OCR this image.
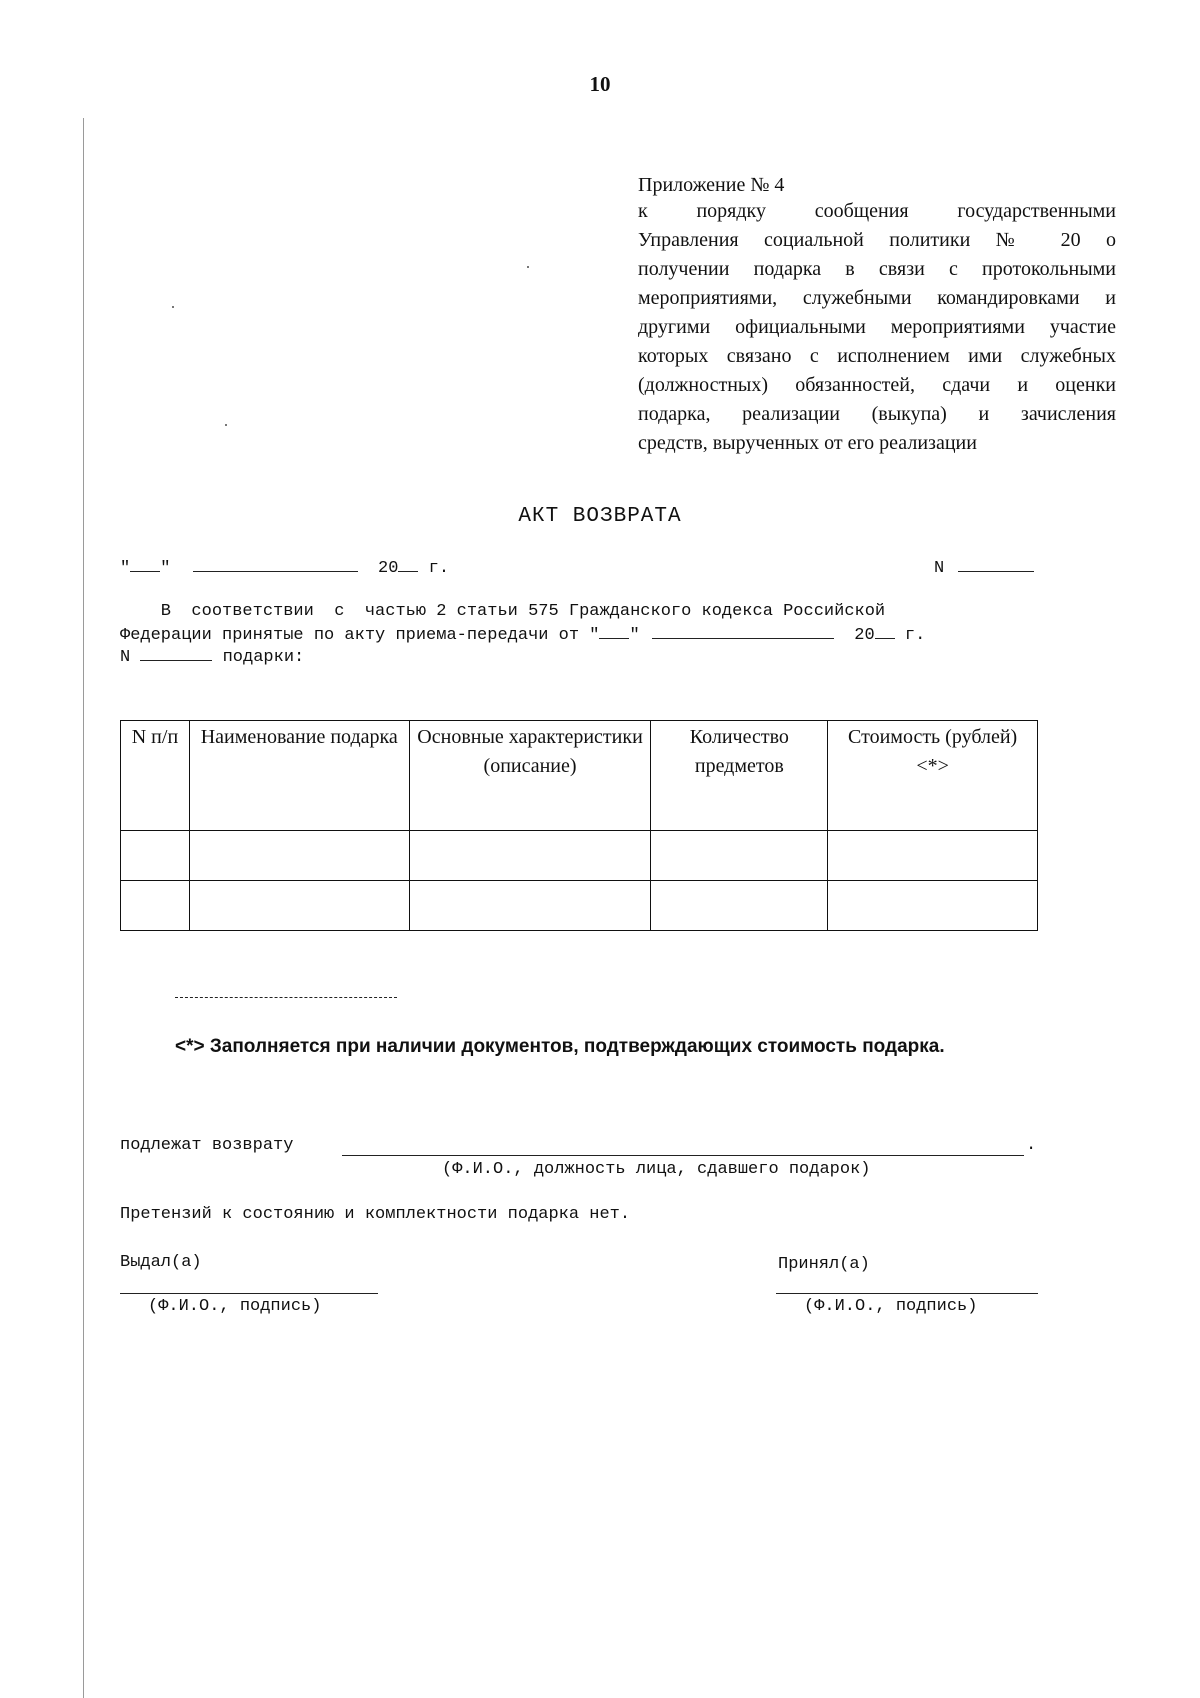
10
Приложение № 4
к порядку сообщения государственными
Управления социальной политики № 20 о
получении подарка в связи с протокольными
мероприятиями, служебными командировками и
другими официальными мероприятиями участие
которых связано с исполнением ими служебных
(должностных) обязанностей, сдачи и оценки
подарка, реализации (выкупа) и зачисления
средств, вырученных от его реализации
АКТ ВОЗВРАТА
" "	20 г.	N
В  соответствии  с  частью 2 статьи 575 Гражданского кодекса Российской
Федерации принятые по акту приема-передачи от " "	20 г.
N	подарки:
N п/п	Наименование подарка	Основные характеристики (описание)	Количество предметов	Стоимость (рублей) <*>

<*> Заполняется при наличии документов, подтверждающих стоимость подарка.
подлежат возврату	.
(Ф.И.О., должность лица, сдавшего подарок)
Претензий к состоянию и комплектности подарка нет.
Выдал(а)
(Ф.И.О., подпись)
Принял(а)
(Ф.И.О., подпись)
